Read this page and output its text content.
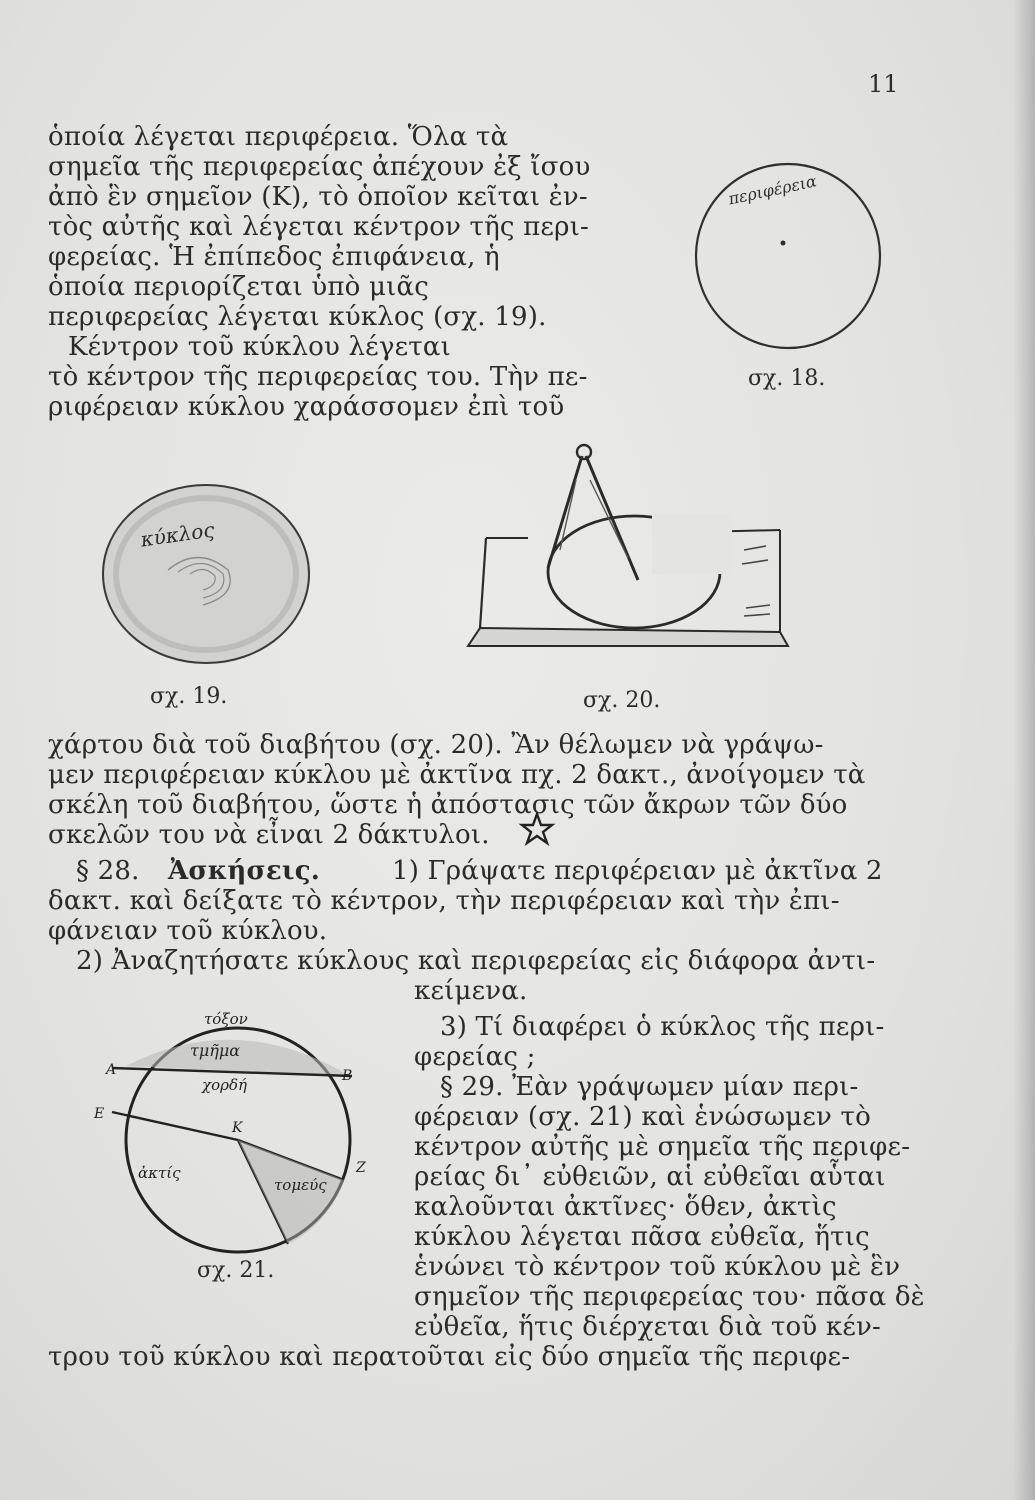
11
ὁποία λέγεται περιφέρεια. Ὅλα τὰ
σημεῖα τῆς περιφερείας ἀπέχουν ἐξ ἴσου
ἀπὸ ἓν σημεῖον (Κ), τὸ ὁποῖον κεῖται ἐν-
τὸς αὐτῆς καὶ λέγεται κέντρον τῆς περι-
φερείας. Ἡ ἐπίπεδος ἐπιφάνεια, ἡ
ὁποία περιορίζεται ὑπὸ μιᾶς
περιφερείας λέγεται κύκλος (σχ. 19).
Κέντρον τοῦ κύκλου λέγεται
τὸ κέντρον τῆς περιφερείας του. Τὴν πε-
ριφέρειαν κύκλου χαράσσομεν ἐπὶ τοῦ
περιφέρεια
σχ. 18.
κύκλος
σχ. 19.	σχ. 20.
χάρτου διὰ τοῦ διαβήτου (σχ. 20). Ἂν θέλωμεν νὰ γράψω-
μεν περιφέρειαν κύκλου μὲ ἀκτῖνα πχ. 2 δακτ., ἀνοίγομεν τὰ
σκέλη τοῦ διαβήτου, ὥστε ἡ ἀπόστασις τῶν ἄκρων τῶν δύο
σκελῶν του νὰ εἶναι 2 δάκτυλοι.
§ 28. Ἀσκήσεις.	1) Γράψατε περιφέρειαν μὲ ἀκτῖνα 2
δακτ. καὶ δείξατε τὸ κέντρον, τὴν περιφέρειαν καὶ τὴν ἐπι-
φάνειαν τοῦ κύκλου.
2) Ἀναζητήσατε κύκλους καὶ περιφερείας εἰς διάφορα ἀντι-
κείμενα.
3) Τί διαφέρει ὁ κύκλος τῆς περι-
φερείας ;
τόξον
τμῆμα
χορδή
ἀκτίς
τομεύς
Α	Β
Ε
Κ
Ζ
σχ. 21.
§ 29. Ἐὰν γράψωμεν μίαν περι-
φέρειαν (σχ. 21) καὶ ἑνώσωμεν τὸ
κέντρον αὐτῆς μὲ σημεῖα τῆς περιφε-
ρείας δι᾽ εὐθειῶν, αἱ εὐθεῖαι αὗται
καλοῦνται ἀκτῖνες· ὅθεν, ἀκτὶς
κύκλου λέγεται πᾶσα εὐθεῖα, ἥτις
ἑνώνει τὸ κέντρον τοῦ κύκλου μὲ ἓν
σημεῖον τῆς περιφερείας του· πᾶσα δὲ
εὐθεῖα, ἥτις διέρχεται διὰ τοῦ κέν-
τρου τοῦ κύκλου καὶ περατοῦται εἰς δύο σημεῖα τῆς περιφε-
